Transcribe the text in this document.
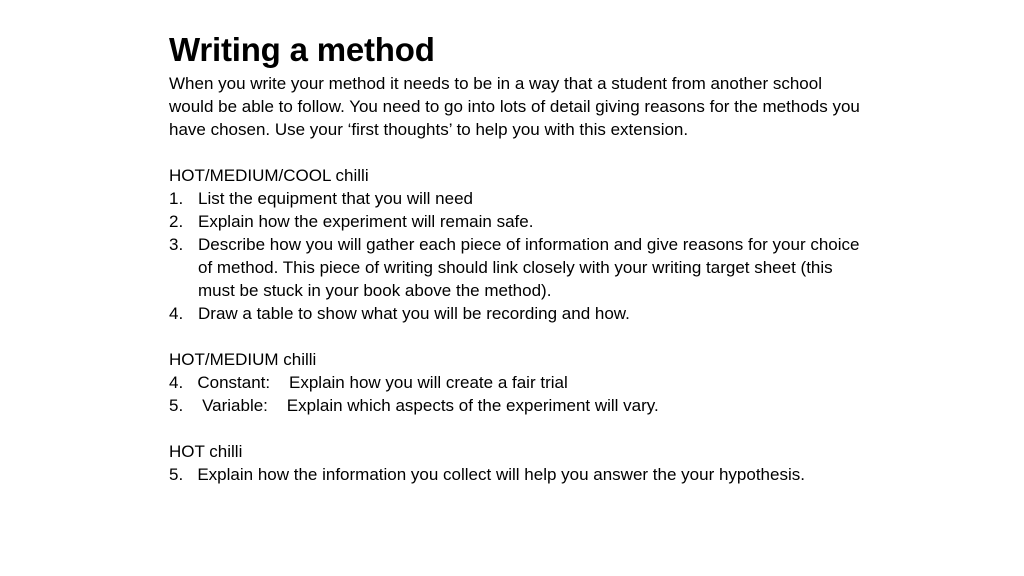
Writing a method

When you write your method it needs to be in a way that a student from another school would be able to follow. You need to go into lots of detail giving reasons for the methods you have chosen. Use your ‘first thoughts’ to help you with this extension.

HOT/MEDIUM/COOL chilli
1. List the equipment that you will need
2. Explain how the experiment will remain safe.
3. Describe how you will gather each piece of information and give reasons for your choice of method. This piece of writing should link closely with your writing target sheet (this must be stuck in your book above the method).
4. Draw a table to show what you will be recording and how.
HOT/MEDIUM chilli
4.   Constant:    Explain how you will create a fair trial
5.    Variable:    Explain which aspects of the experiment will vary.
HOT chilli
5.   Explain how the information you collect will help you answer the your hypothesis.
